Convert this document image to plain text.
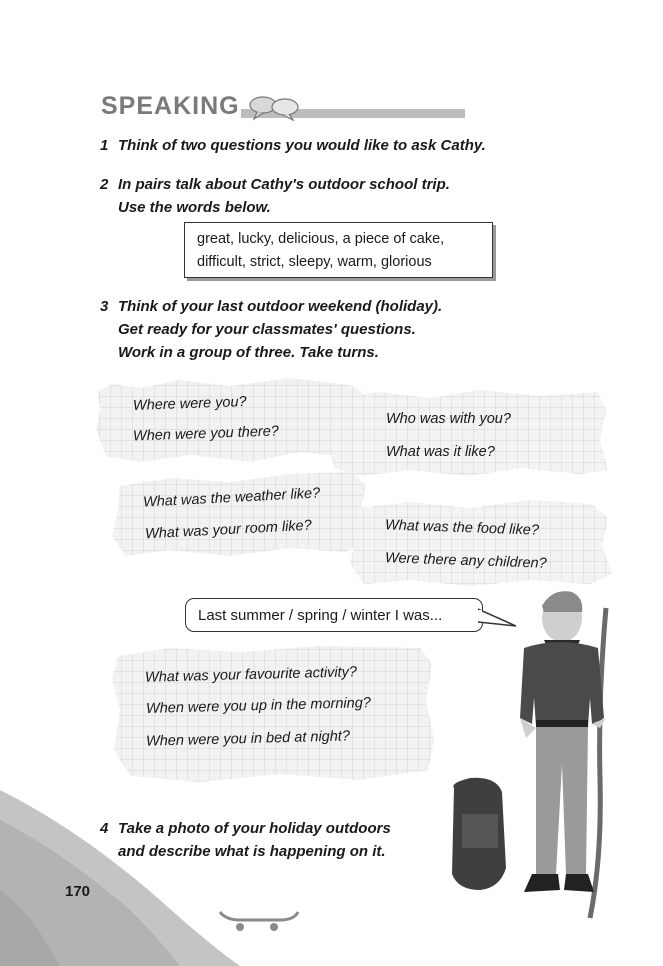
SPEAKING
1 Think of two questions you would like to ask Cathy.
2 In pairs talk about Cathy's outdoor school trip.
Use the words below.
great, lucky, delicious, a piece of cake,
difficult, strict, sleepy, warm, glorious
3 Think of your last outdoor weekend (holiday).
Get ready for your classmates' questions.
Work in a group of three. Take turns.
Where were you?
When were you there?
Who was with you?
What was it like?
What was the weather like?
What was your room like?	What was the food like?
Were there any children?
What was your favourite activity?
When were you up in the morning?
When were you in bed at night?
Last summer / spring / winter I was...
4 Take a photo of your holiday outdoors
and describe what is happening on it.
170
